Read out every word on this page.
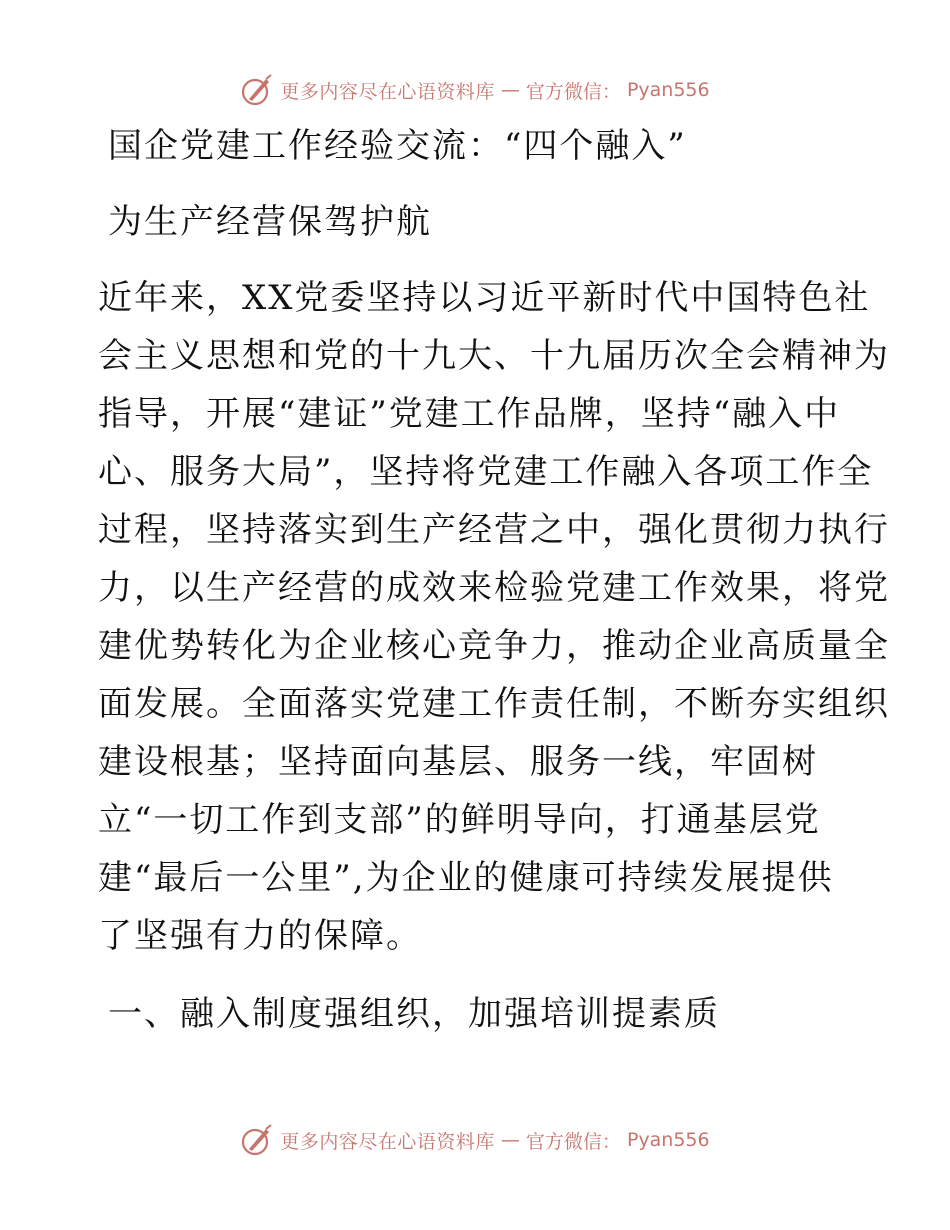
更多内容尽在心语资料库 — 官方微信： Pyan556
国企党建工作经验交流：“四个融入”
为生产经营保驾护航
近年来，XX党委坚持以习近平新时代中国特色社
会主义思想和党的十九大、十九届历次全会精神为
指导，开展“建证”党建工作品牌，坚持“融入中
心、服务大局”，坚持将党建工作融入各项工作全
过程，坚持落实到生产经营之中，强化贯彻力执行
力，以生产经营的成效来检验党建工作效果，将党
建优势转化为企业核心竞争力，推动企业高质量全
面发展。全面落实党建工作责任制，不断夯实组织
建设根基；坚持面向基层、服务一线，牢固树
立“一切工作到支部”的鲜明导向，打通基层党
建“最后一公里”,为企业的健康可持续发展提供
了坚强有力的保障。
一、融入制度强组织，加强培训提素质
更多内容尽在心语资料库 — 官方微信： Pyan556
